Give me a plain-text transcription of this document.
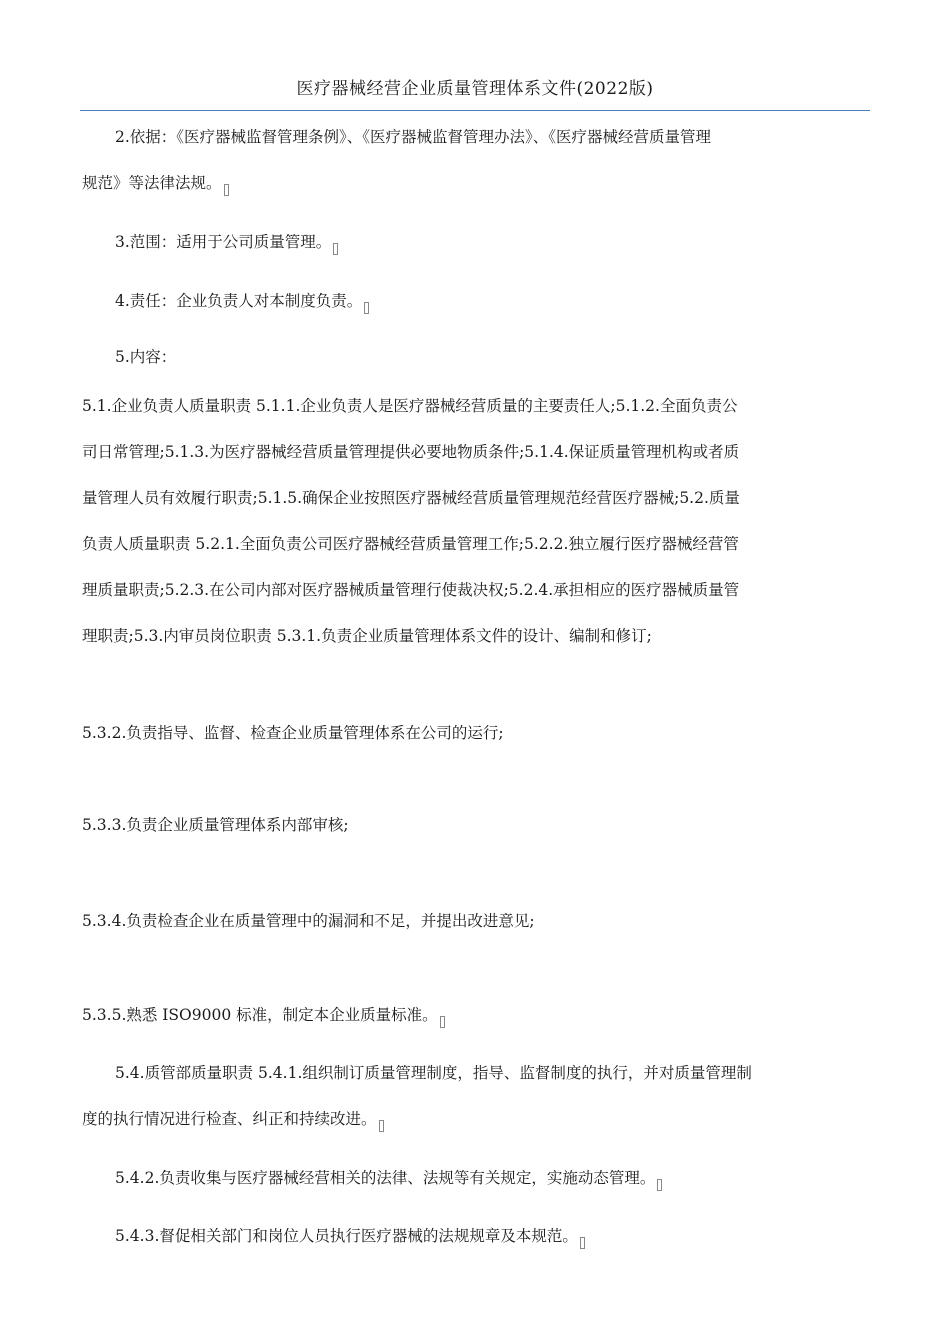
医疗器械经营企业质量管理体系文件(2022版)
2.依据：《医疗器械监督管理条例》、《医疗器械监督管理办法》、《医疗器械经营质量管理
规范》等法律法规。
3.范围：适用于公司质量管理。
4.责任：企业负责人对本制度负责。
5.内容：
5.1.企业负责人质量职责 5.1.1.企业负责人是医疗器械经营质量的主要责任人;5.1.2.全面负责公
司日常管理;5.1.3.为医疗器械经营质量管理提供必要地物质条件;5.1.4.保证质量管理机构或者质
量管理人员有效履行职责;5.1.5.确保企业按照医疗器械经营质量管理规范经营医疗器械;5.2.质量
负责人质量职责 5.2.1.全面负责公司医疗器械经营质量管理工作;5.2.2.独立履行医疗器械经营管
理质量职责;5.2.3.在公司内部对医疗器械质量管理行使裁决权;5.2.4.承担相应的医疗器械质量管
理职责;5.3.内审员岗位职责 5.3.1.负责企业质量管理体系文件的设计、编制和修订;
5.3.2.负责指导、监督、检查企业质量管理体系在公司的运行;
5.3.3.负责企业质量管理体系内部审核;
5.3.4.负责检查企业在质量管理中的漏洞和不足，并提出改进意见;
5.3.5.熟悉 ISO9000 标准，制定本企业质量标准。
5.4.质管部质量职责 5.4.1.组织制订质量管理制度，指导、监督制度的执行，并对质量管理制
度的执行情况进行检查、纠正和持续改进。
5.4.2.负责收集与医疗器械经营相关的法律、法规等有关规定，实施动态管理。
5.4.3.督促相关部门和岗位人员执行医疗器械的法规规章及本规范。
